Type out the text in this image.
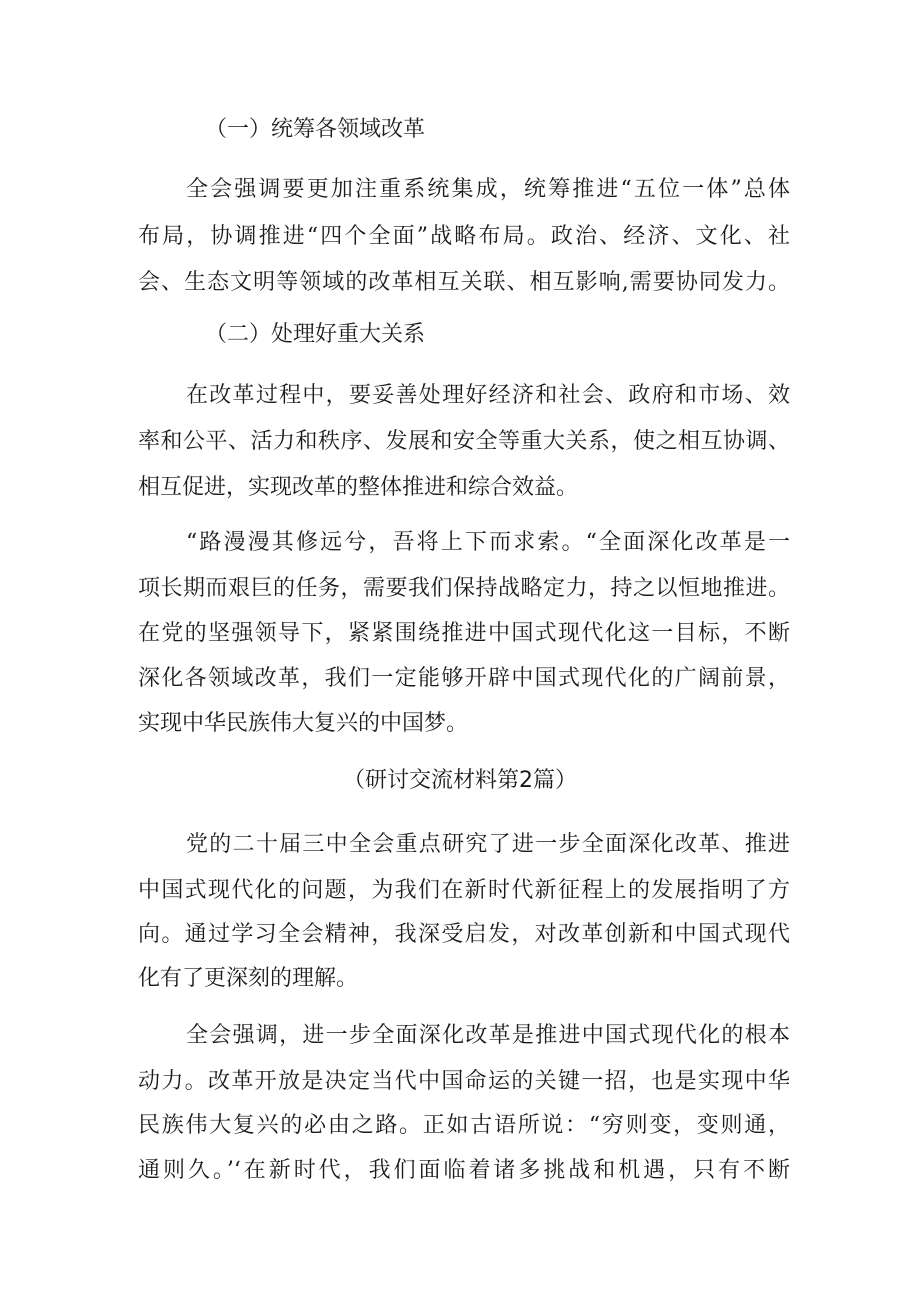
（一）统筹各领域改革
全会强调要更加注重系统集成，统筹推进“五位一体”总体
布局，协调推进“四个全面”战略布局。政治、经济、文化、社
会、生态文明等领域的改革相互关联、相互影响,需要协同发力。
（二）处理好重大关系
在改革过程中，要妥善处理好经济和社会、政府和市场、效
率和公平、活力和秩序、发展和安全等重大关系，使之相互协调、
相互促进，实现改革的整体推进和综合效益。
“路漫漫其修远兮，吾将上下而求索。“全面深化改革是一
项长期而艰巨的任务，需要我们保持战略定力，持之以恒地推进。
在党的坚强领导下，紧紧围绕推进中国式现代化这一目标，不断
深化各领域改革，我们一定能够开辟中国式现代化的广阔前景，
实现中华民族伟大复兴的中国梦。
（研讨交流材料第2篇）
党的二十届三中全会重点研究了进一步全面深化改革、推进
中国式现代化的问题，为我们在新时代新征程上的发展指明了方
向。通过学习全会精神，我深受启发，对改革创新和中国式现代
化有了更深刻的理解。
全会强调，进一步全面深化改革是推进中国式现代化的根本
动力。改革开放是决定当代中国命运的关键一招，也是实现中华
民族伟大复兴的必由之路。正如古语所说：“穷则变，变则通，
通则久。’‘在新时代，我们面临着诸多挑战和机遇，只有不断
